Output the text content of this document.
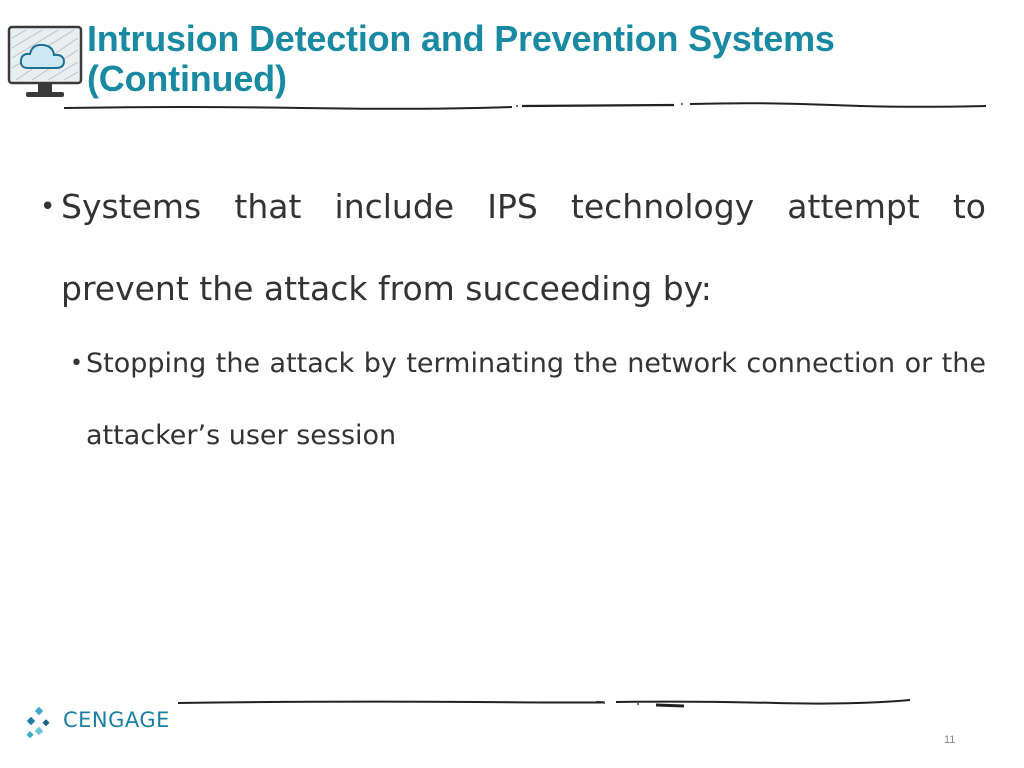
Intrusion Detection and Prevention Systems
(Continued)
• Systems that include IPS technology attempt to prevent the attack from succeeding by:
• Stopping the attack by terminating the network connection or the attacker’s user session
CENGAGE
11
